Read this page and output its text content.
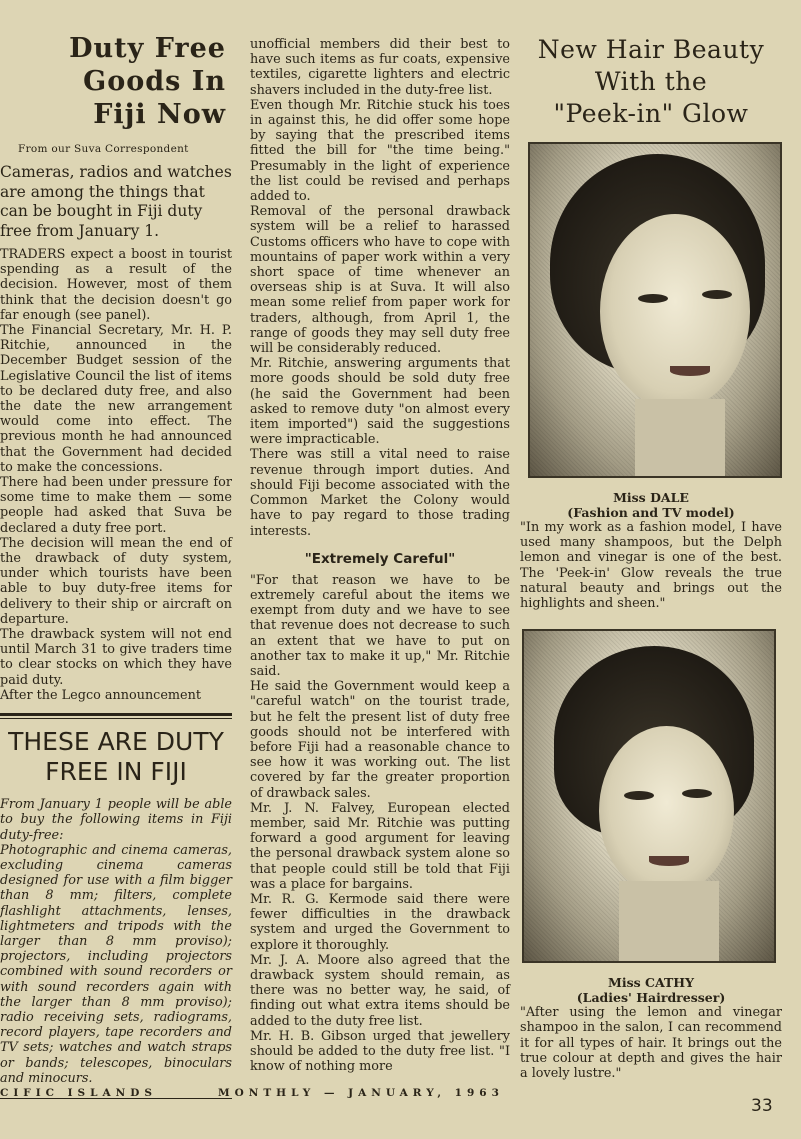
Duty Free
Goods In
Fiji Now
From our Suva Correspondent

Cameras, radios and watches are among the things that can be bought in Fiji duty free from January 1.

TRADERS expect a boost in tourist spending as a result of the decision. However, most of them think that the decision doesn't go far enough (see panel).

The Financial Secretary, Mr. H. P. Ritchie, announced in the December Budget session of the Legislative Council the list of items to be declared duty free, and also the date the new arrangement would come into effect. The previous month he had announced that the Government had decided to make the concessions.

There had been under pressure for some time to make them — some people had asked that Suva be declared a duty free port.

The decision will mean the end of the drawback of duty system, under which tourists have been able to buy duty-free items for delivery to their ship or aircraft on departure.

The drawback system will not end until March 31 to give traders time to clear stocks on which they have paid duty.

After the Legco announcement

THESE ARE DUTY
FREE IN FIJI

From January 1 people will be able to buy the following items in Fiji duty-free:

Photographic and cinema cameras, excluding cinema cameras designed for use with a film bigger than 8 mm; filters, complete flashlight attachments, lenses, lightmeters and tripods with the larger than 8 mm proviso); projectors, including projectors combined with sound recorders or with sound recorders again with the larger than 8 mm proviso); radio receiving sets, radiograms, record players, tape recorders and TV sets; watches and watch straps or bands; telescopes, binoculars and minocurs.

unofficial members did their best to have such items as fur coats, expensive textiles, cigarette lighters and electric shavers included in the duty-free list.

Even though Mr. Ritchie stuck his toes in against this, he did offer some hope by saying that the prescribed items fitted the bill for "the time being." Presumably in the light of experience the list could be revised and perhaps added to.

Removal of the personal drawback system will be a relief to harassed Customs officers who have to cope with mountains of paper work within a very short space of time whenever an overseas ship is at Suva. It will also mean some relief from paper work for traders, although, from April 1, the range of goods they may sell duty free will be considerably reduced.

Mr. Ritchie, answering arguments that more goods should be sold duty free (he said the Government had been asked to remove duty "on almost every item imported") said the suggestions were impracticable.

There was still a vital need to raise revenue through import duties. And should Fiji become associated with the Common Market the Colony would have to pay regard to those trading interests.

"Extremely Careful"

"For that reason we have to be extremely careful about the items we exempt from duty and we have to see that revenue does not decrease to such an extent that we have to put on another tax to make it up," Mr. Ritchie said.

He said the Government would keep a "careful watch" on the tourist trade, but he felt the present list of duty free goods should not be interfered with before Fiji had a reasonable chance to see how it was working out. The list covered by far the greater proportion of drawback sales.

Mr. J. N. Falvey, European elected member, said Mr. Ritchie was putting forward a good argument for leaving the personal drawback system alone so that people could still be told that Fiji was a place for bargains.

Mr. R. G. Kermode said there were fewer difficulties in the drawback system and urged the Government to explore it thoroughly.

Mr. J. A. Moore also agreed that the drawback system should remain, as there was no better way, he said, of finding out what extra items should be added to the duty free list.

Mr. H. B. Gibson urged that jewellery should be added to the duty free list. "I know of nothing more

New Hair Beauty
With the
"Peek-in" Glow
Miss DALE
(Fashion and TV model)

"In my work as a fashion model, I have used many shampoos, but the Delph lemon and vinegar is one of the best. The 'Peek-in' Glow reveals the true natural beauty and brings out the highlights and sheen."

Miss CATHY
(Ladies' Hairdresser)

"After using the lemon and vinegar shampoo in the salon, I can recommend it for all types of hair. It brings out the true colour at depth and gives the hair a lovely lustre."

CIFIC ISLANDS	MONTHLY — JANUARY, 1963
33
